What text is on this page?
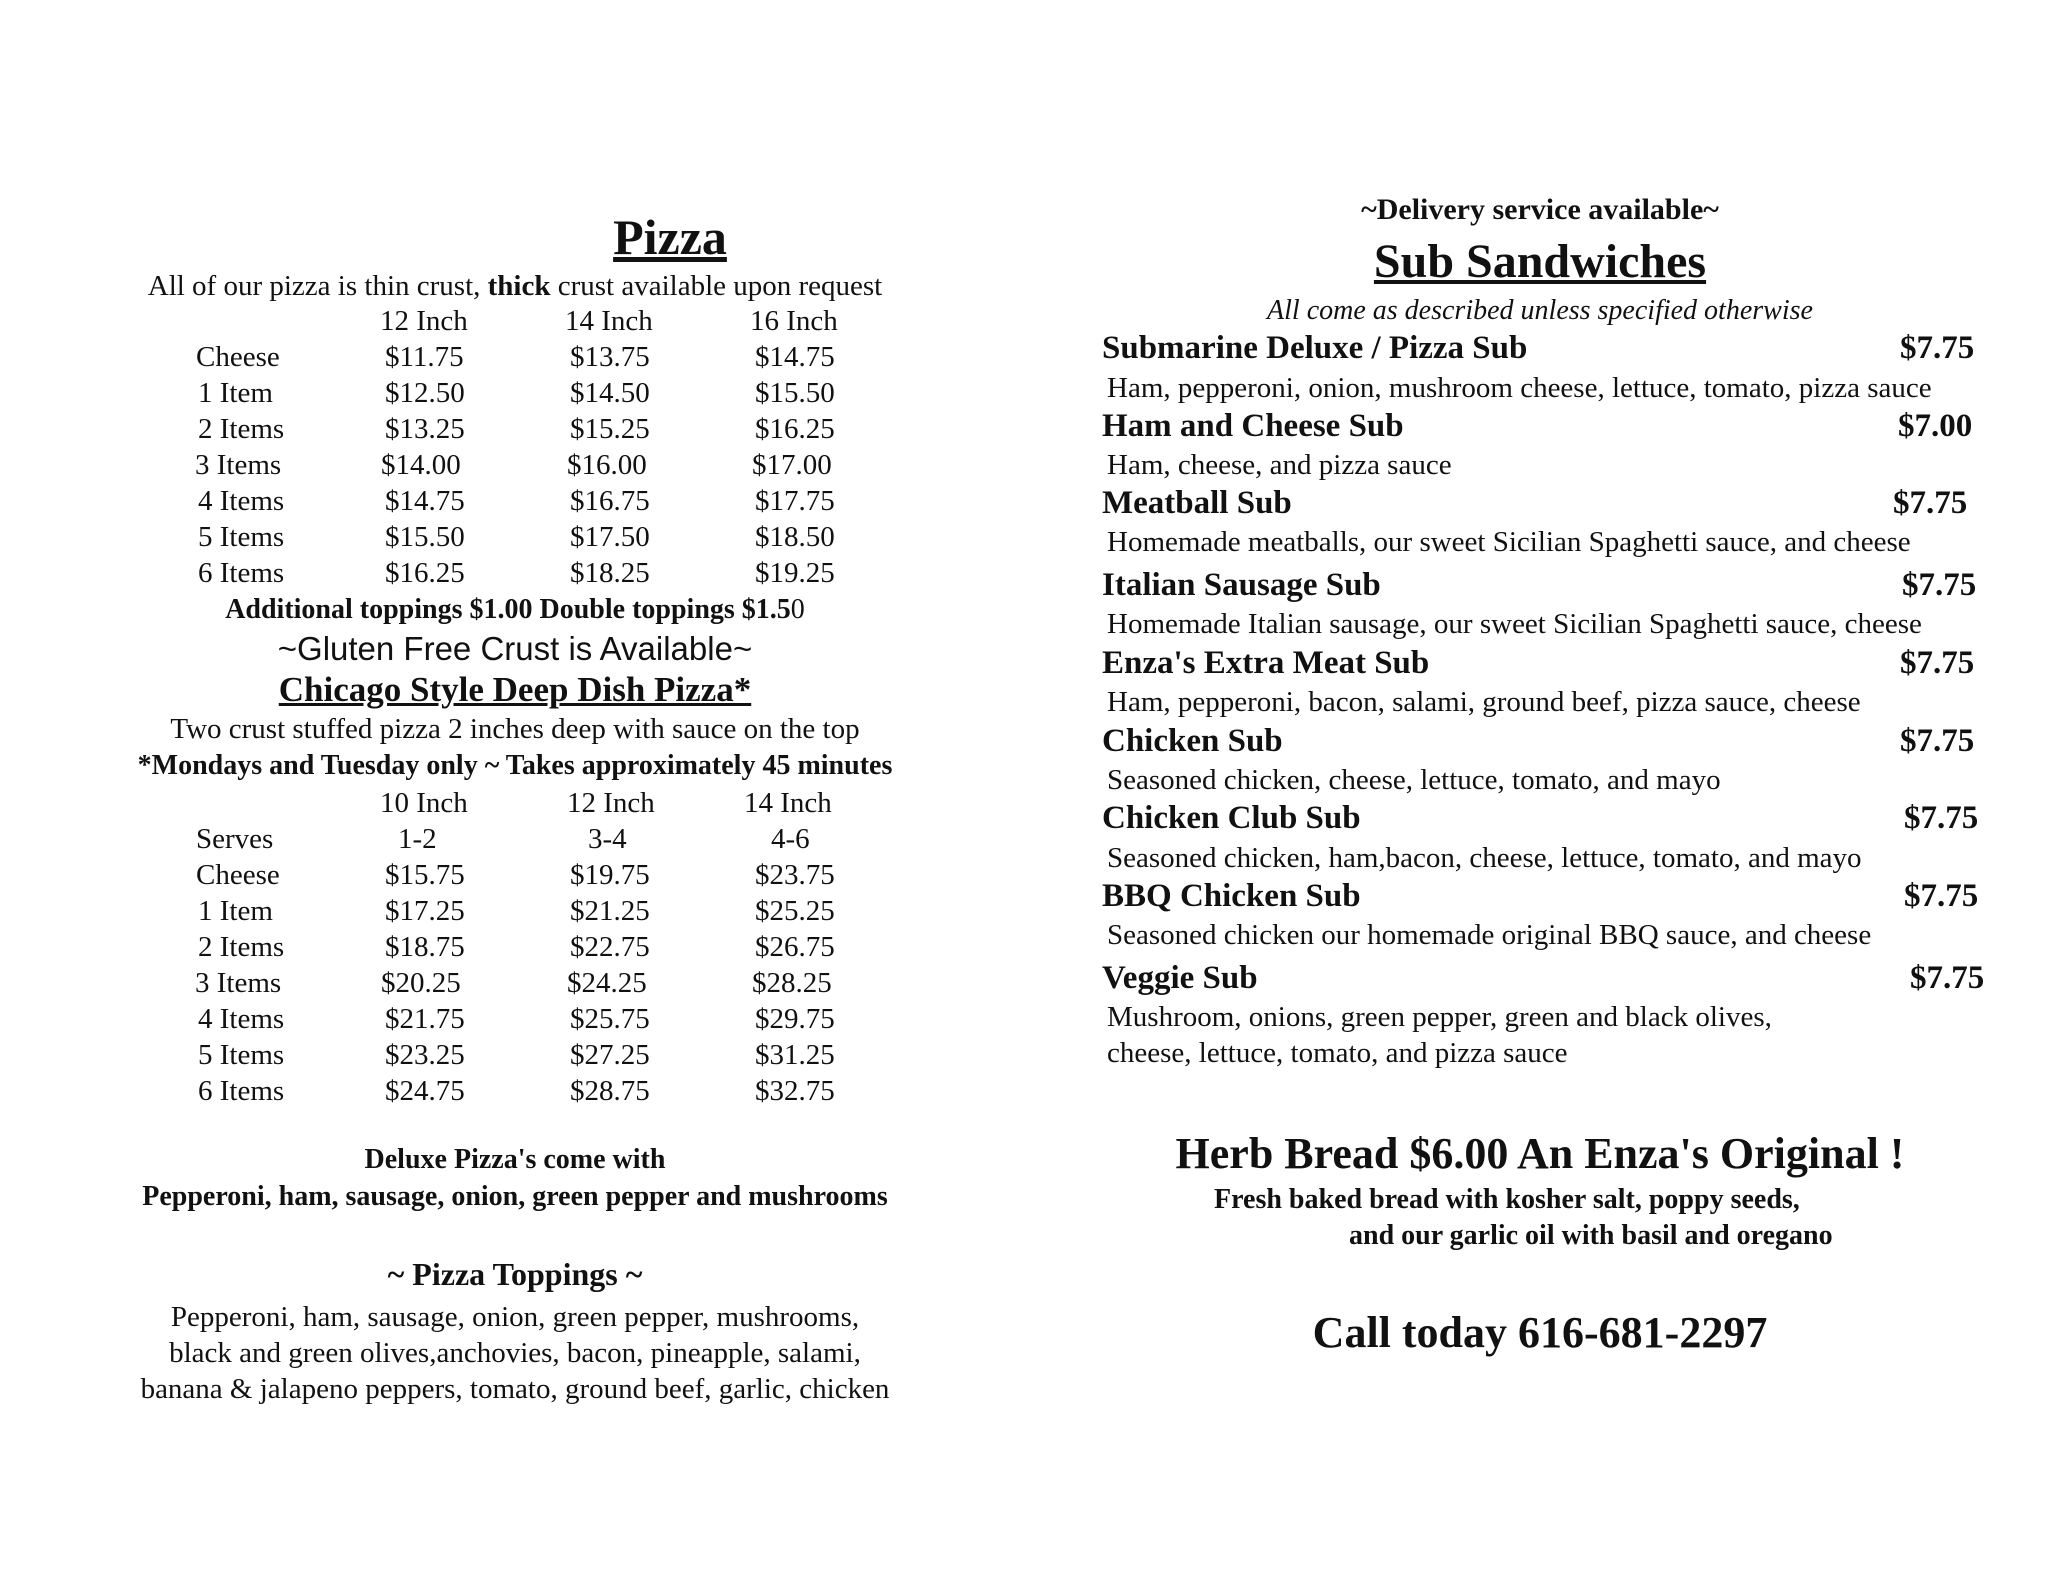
Pizza
All of our pizza is thin crust, thick crust available upon request
12 Inch	14 Inch	16 Inch
Cheese	$11.75	$13.75	$14.75
1 Item	$12.50	$14.50	$15.50
2 Items	$13.25	$15.25	$16.25
3 Items	$14.00	$16.00	$17.00
4 Items	$14.75	$16.75	$17.75
5 Items	$15.50	$17.50	$18.50
6 Items	$16.25	$18.25	$19.25
Additional toppings $1.00 Double toppings $1.50
~Gluten Free Crust is Available~
Chicago Style Deep Dish Pizza*
Two crust stuffed pizza 2 inches deep with sauce on the top
*Mondays and Tuesday only ~ Takes approximately 45 minutes
10 Inch	12 Inch	14 Inch
Serves	1-2	3-4	4-6
Cheese	$15.75	$19.75	$23.75
1 Item	$17.25	$21.25	$25.25
2 Items	$18.75	$22.75	$26.75
3 Items	$20.25	$24.25	$28.25
4 Items	$21.75	$25.75	$29.75
5 Items	$23.25	$27.25	$31.25
6 Items	$24.75	$28.75	$32.75
Deluxe Pizza's come with
Pepperoni, ham, sausage, onion, green pepper and mushrooms
~ Pizza Toppings ~
Pepperoni, ham, sausage, onion, green pepper, mushrooms,
black and green olives,anchovies, bacon, pineapple, salami,
banana & jalapeno peppers, tomato, ground beef, garlic, chicken
~Delivery service available~
Sub Sandwiches
All come as described unless specified otherwise
Submarine Deluxe / Pizza Sub	$7.75
Ham, pepperoni, onion, mushroom cheese, lettuce, tomato, pizza sauce
Ham and Cheese Sub	$7.00
Ham, cheese, and pizza sauce
Meatball Sub	$7.75
Homemade meatballs, our sweet Sicilian Spaghetti sauce, and cheese
Italian Sausage Sub	$7.75
Homemade Italian sausage, our sweet Sicilian Spaghetti sauce, cheese
Enza's Extra Meat Sub	$7.75
Ham, pepperoni, bacon, salami, ground beef, pizza sauce, cheese
Chicken Sub	$7.75
Seasoned chicken, cheese, lettuce, tomato, and mayo
Chicken Club Sub	$7.75
Seasoned chicken, ham,bacon, cheese, lettuce, tomato, and mayo
BBQ Chicken Sub	$7.75
Seasoned chicken our homemade original BBQ sauce, and cheese
Veggie Sub	$7.75
Mushroom, onions, green pepper, green and black olives,
cheese, lettuce, tomato, and pizza sauce
Herb Bread $6.00 An Enza's Original !
Fresh baked bread with kosher salt, poppy seeds,
and our garlic oil with basil and oregano
Call today 616-681-2297
